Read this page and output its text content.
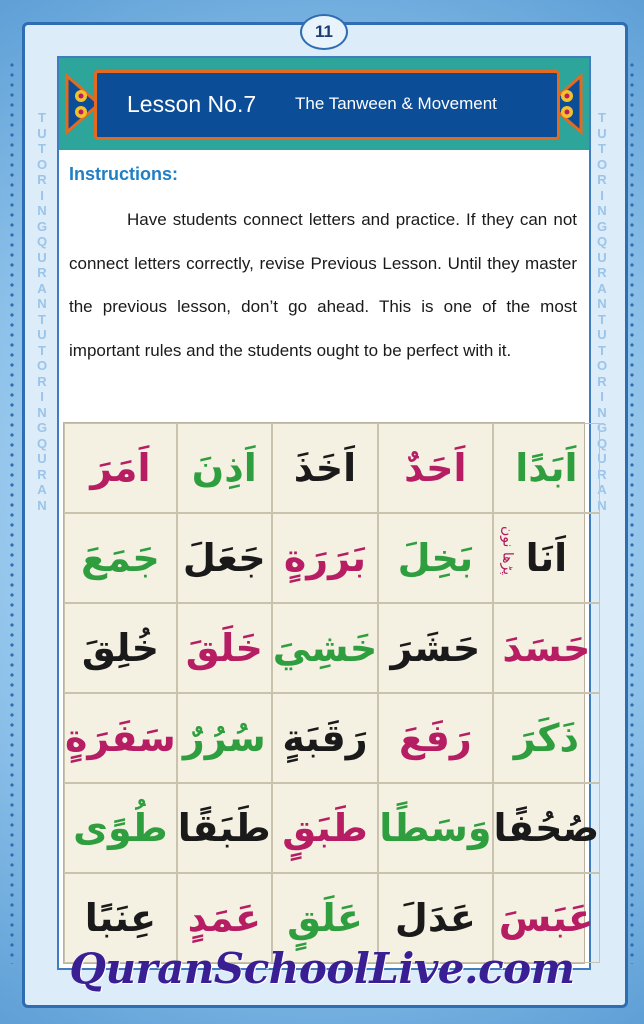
T
U
T
O
R
I
N
G
Q
U
R
A
N
T
U
T
O
R
I
N
G
Q
U
R
A
N
T
U
T
O
R
I
N
G
Q
U
R
A
N
T
U
T
O
R
I
N
G
Q
U
R
A
N
11
Lesson No.7 The Tanween & Movement
Instructions:
Have students connect letters and practice. If they can not connect letters correctly, revise Previous Lesson. Until they master the previous lesson, don’t go ahead. This is one of the most important rules and the students ought to be perfect with it.
اَمَرَ اَذِنَ اَخَذَ اَحَدٌ اَبَدًا
جَمَعَ جَعَلَ بَرَرَةٍ بَخِلَ اَنَا
پڑھا نون
خُلِقَ خَلَقَ خَشِيَ حَشَرَ حَسَدَ
سَفَرَةٍ سُرُرٌ رَقَبَةٍ رَفَعَ ذَكَرَ
طُوًى طَبَقًا طَبَقٍ وَسَطًا صُحُفًا
عِنَبًا عَمَدٍ عَلَقٍ عَدَلَ عَبَسَ
QuranSchoolLive.com
